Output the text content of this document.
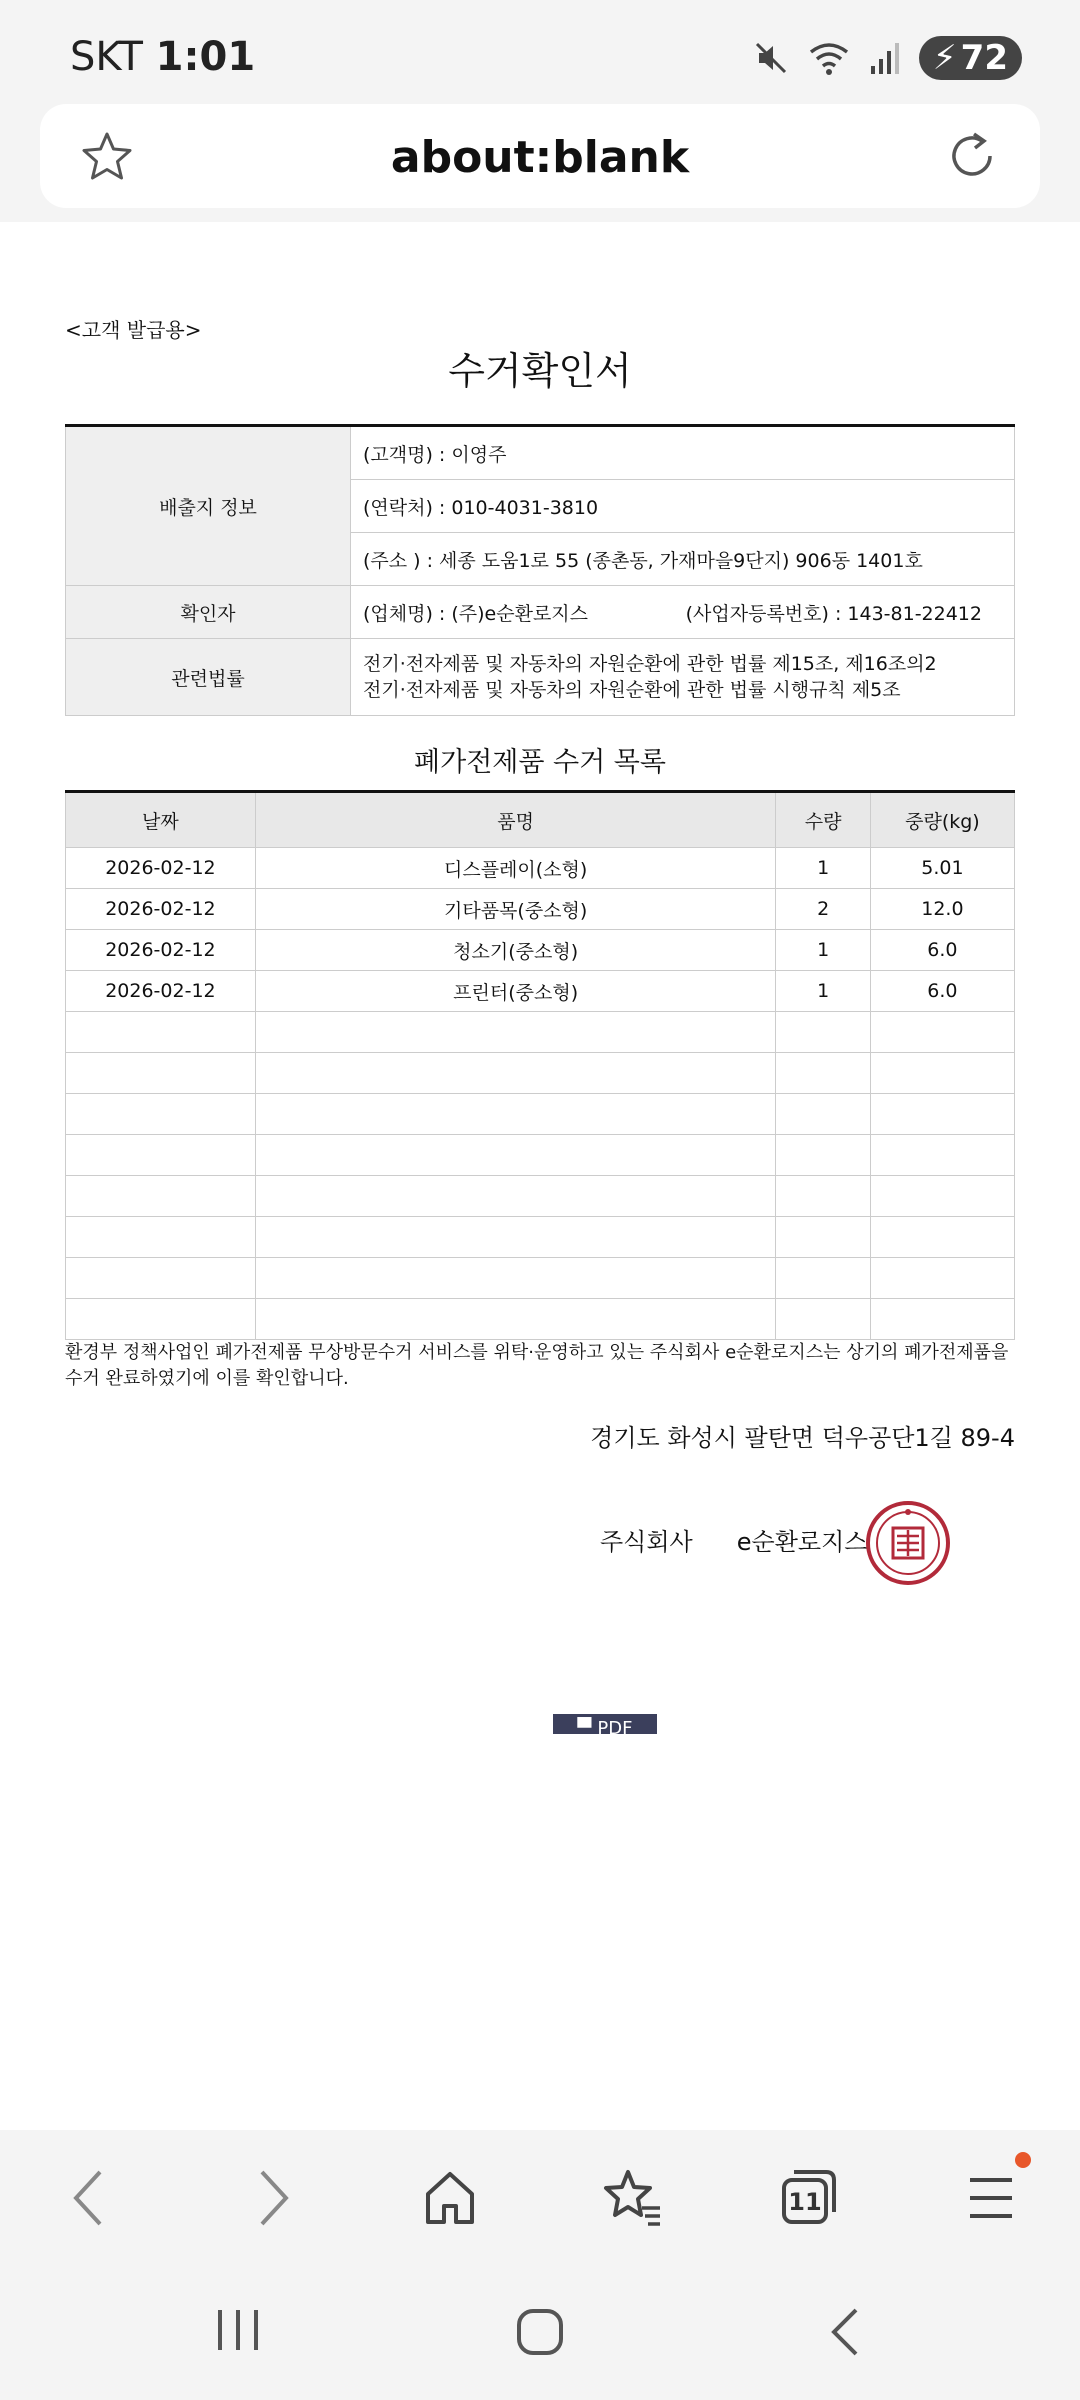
SKT 1:01	⚡ 72
about:blank
<고객 발급용>
수거확인서
배출지 정보	(고객명) : 이영주
	(연락처) : 010-4031-3810
	(주소 ) : 세종 도움1로 55 (종촌동, 가재마을9단지) 906동 1401호
확인자	(업체명) : (주)e순환로지스 (사업자등록번호) : 143-81-22412

관련법률	전기·전자제품 및 자동차의 자원순환에 관한 법률 제15조, 제16조의2
전기·전자제품 및 자동차의 자원순환에 관한 법률 시행규칙 제5조
폐가전제품 수거 목록
날짜	품명	수량	중량(kg)
2026-02-12	디스플레이(소형)	1	5.01
2026-02-12	기타품목(중소형)	2	12.0
2026-02-12	청소기(중소형)	1	6.0
2026-02-12	프린터(중소형)	1	6.0

환경부 정책사업인 폐가전제품 무상방문수거 서비스를 위탁·운영하고 있는 주식회사 e순환로지스는 상기의 폐가전제품을 수거 완료하였기에 이를 확인합니다.
경기도 화성시 팔탄면 덕우공단1길 89-4
주식회사 e순환로지스
▀ PDF
11
